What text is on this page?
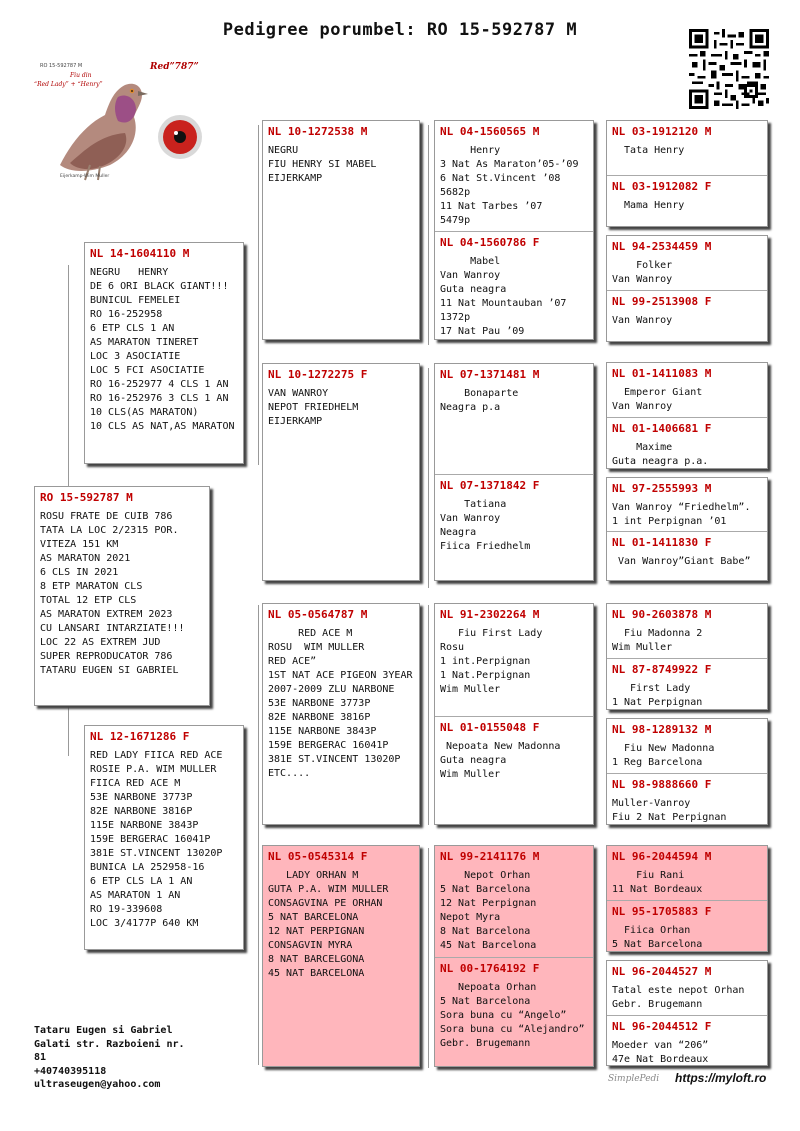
Pedigree porumbel: RO 15-592787 M
RO 15-592787 M
Fiu din
“Red Lady” + “Henry”
Red”787”
Eijerkamp-Wim Muller
RO 15-592787 M
ROSU FRATE DE CUIB 786
TATA LA LOC 2/2315 POR.
VITEZA 151 KM
AS MARATON 2021
6 CLS IN 2021
8 ETP MARATON CLS
TOTAL 12 ETP CLS
AS MARATON EXTREM 2023
CU LANSARI INTARZIATE!!!
LOC 22 AS EXTREM JUD
SUPER REPRODUCATOR 786
TATARU EUGEN SI GABRIEL
NL 14-1604110 M
NEGRU   HENRY
DE 6 ORI BLACK GIANT!!!
BUNICUL FEMELEI
RO 16-252958
6 ETP CLS 1 AN
AS MARATON TINERET
LOC 3 ASOCIATIE
LOC 5 FCI ASOCIATIE
RO 16-252977 4 CLS 1 AN
RO 16-252976 3 CLS 1 AN
10 CLS(AS MARATON)
10 CLS AS NAT,AS MARATON
NL 12-1671286 F
RED LADY FIICA RED ACE
ROSIE P.A. WIM MULLER
FIICA RED ACE M
53E NARBONE 3773P
82E NARBONE 3816P
115E NARBONE 3843P
159E BERGERAC 16041P
381E ST.VINCENT 13020P
BUNICA LA 252958-16
6 ETP CLS LA 1 AN
AS MARATON 1 AN
RO 19-339608
LOC 3/4177P 640 KM
NL 10-1272538 M
NEGRU
FIU HENRY SI MABEL
EIJERKAMP
NL 10-1272275 F
VAN WANROY
NEPOT FRIEDHELM
EIJERKAMP
NL 05-0564787 M
RED ACE M
ROSU  WIM MULLER
RED ACE”
1ST NAT ACE PIGEON 3YEAR
2007-2009 ZLU NARBONE
53E NARBONE 3773P
82E NARBONE 3816P
115E NARBONE 3843P
159E BERGERAC 16041P
381E ST.VINCENT 13020P
ETC....
NL 05-0545314 F
LADY ORHAN M
GUTA P.A. WIM MULLER
CONSAGVINA PE ORHAN
5 NAT BARCELONA
12 NAT PERPIGNAN
CONSAGVIN MYRA
8 NAT BARCELGONA
45 NAT BARCELONA
NL 04-1560565 M
Henry
3 Nat As Maraton’05-’09
6 Nat St.Vincent ’08
5682p
11 Nat Tarbes ’07
5479p
NL 04-1560786 F
Mabel
Van Wanroy
Guta neagra
11 Nat Mountauban ’07
1372p
17 Nat Pau ’09
NL 07-1371481 M
Bonaparte
Neagra p.a
NL 07-1371842 F
Tatiana
Van Wanroy
Neagra
Fiica Friedhelm
NL 91-2302264 M
Fiu First Lady
Rosu
1 int.Perpignan
1 Nat.Perpignan
Wim Muller
NL 01-0155048 F
Nepoata New Madonna
Guta neagra
Wim Muller
NL 99-2141176 M
Nepot Orhan
5 Nat Barcelona
12 Nat Perpignan
Nepot Myra
8 Nat Barcelona
45 Nat Barcelona
NL 00-1764192 F
Nepoata Orhan
5 Nat Barcelona
Sora buna cu “Angelo”
Sora buna cu “Alejandro”
Gebr. Brugemann
NL 03-1912120 M
Tata Henry
NL 03-1912082 F
Mama Henry
NL 94-2534459 M
Folker
Van Wanroy
NL 99-2513908 F
Van Wanroy
NL 01-1411083 M
Emperor Giant
Van Wanroy
NL 01-1406681 F
Maxime
Guta neagra p.a.
NL 97-2555993 M
Van Wanroy “Friedhelm”.
1 int Perpignan ’01
NL 01-1411830 F
Van Wanroy”Giant Babe”
NL 90-2603878 M
Fiu Madonna 2
Wim Muller
NL 87-8749922 F
First Lady
1 Nat Perpignan
NL 98-1289132 M
Fiu New Madonna
1 Reg Barcelona
NL 98-9888660 F
Muller-Vanroy
Fiu 2 Nat Perpignan
NL 96-2044594 M
Fiu Rani
11 Nat Bordeaux
NL 95-1705883 F
Fiica Orhan
5 Nat Barcelona
NL 96-2044527 M
Tatal este nepot Orhan
Gebr. Brugemann
NL 96-2044512 F
Moeder van “206”
47e Nat Bordeaux
Tataru Eugen si Gabriel
Galati str. Razboieni nr.
81
+40740395118
ultraseugen@yahoo.com	SimplePedi https://myloft.ro
